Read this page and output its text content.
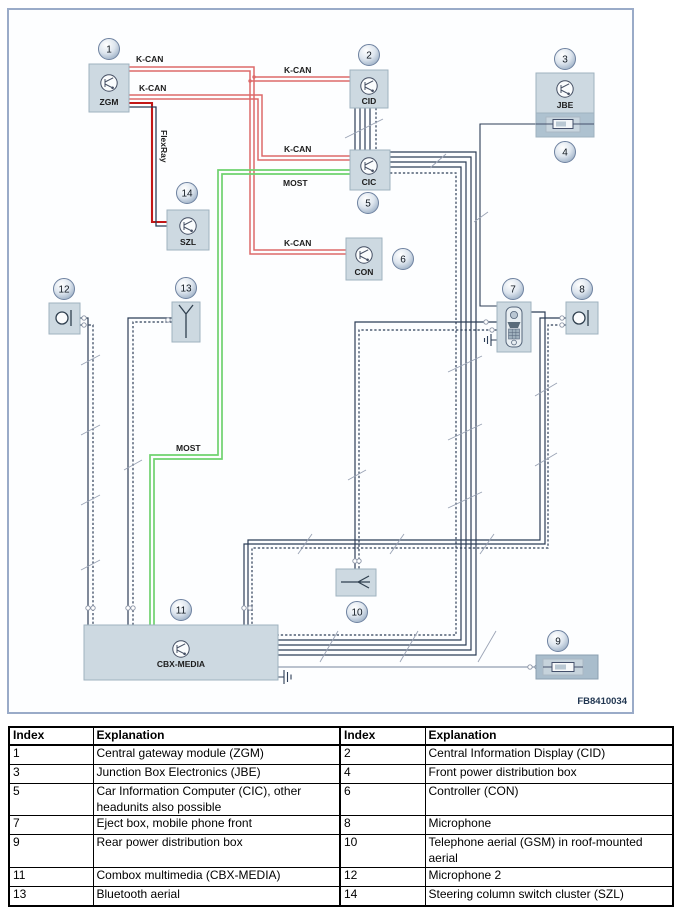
ZGM	CID	JBE
CIC
SZL
CON
CBX-MEDIA
1
2	3
4
5
6
7	8
9
10
11
12	13
14
K-CAN
K-CAN
K-CAN
K-CAN
K-CAN
MOST
MOST
FlexRay
FB8410034
Index	Explanation	Index	Explanation
1	Central gateway module (ZGM)	2	Central Information Display (CID)
3	Junction Box Electronics (JBE)	4	Front power distribution box
5	Car Information Computer (CIC), other headunits also possible	6	Controller (CON)
7	Eject box, mobile phone front	8	Microphone
9	Rear power distribution box	10	Telephone aerial (GSM) in roof-mounted aerial
11	Combox multimedia (CBX-MEDIA)	12	Microphone 2
13	Bluetooth aerial	14	Steering column switch cluster (SZL)
